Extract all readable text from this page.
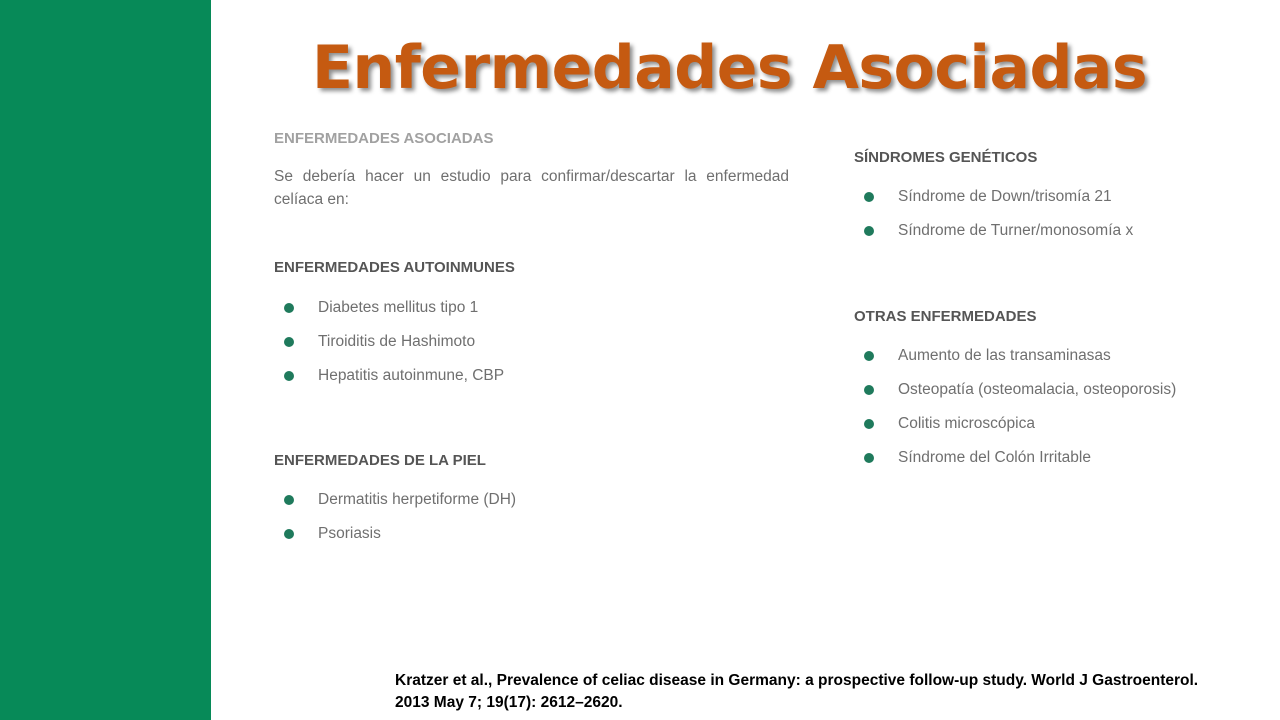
Enfermedades Asociadas
ENFERMEDADES ASOCIADAS
Se debería hacer un estudio para confirmar/descartar la enfermedad celíaca en:
ENFERMEDADES AUTOINMUNES
Diabetes mellitus tipo 1
Tiroiditis de Hashimoto
Hepatitis autoinmune, CBP
ENFERMEDADES DE LA PIEL
Dermatitis herpetiforme (DH)
Psoriasis
SÍNDROMES GENÉTICOS
Síndrome de Down/trisomía 21
Síndrome de Turner/monosomía x
OTRAS ENFERMEDADES
Aumento de las transaminasas
Osteopatía (osteomalacia, osteoporosis)
Colitis microscópica
Síndrome del Colón Irritable
Kratzer et al., Prevalence of celiac disease in Germany: a prospective follow-up study. World J Gastroenterol.
2013 May 7; 19(17): 2612–2620.
